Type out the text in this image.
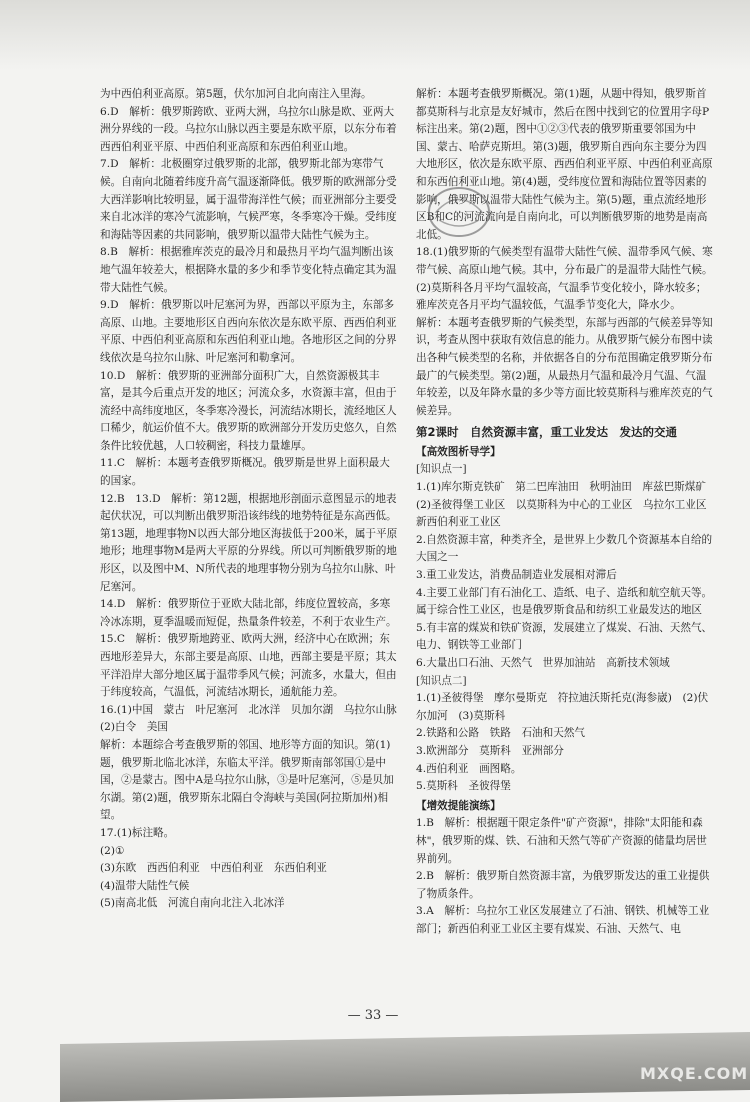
为中西伯利亚高原。第5题，伏尔加河自北向南注入里海。

6.D　解析：俄罗斯跨欧、亚两大洲，乌拉尔山脉是欧、亚两大洲分界线的一段。乌拉尔山脉以西主要是东欧平原，以东分布着西西伯利亚平原、中西伯利亚高原和东西伯利亚山地。

7.D　解析：北极圈穿过俄罗斯的北部，俄罗斯北部为寒带气候。自南向北随着纬度升高气温逐渐降低。俄罗斯的欧洲部分受大西洋影响比较明显，属于温带海洋性气候；而亚洲部分主要受来自北冰洋的寒冷气流影响，气候严寒，冬季寒冷干燥。受纬度和海陆等因素的共同影响，俄罗斯以温带大陆性气候为主。

8.B　解析：根据雅库茨克的最冷月和最热月平均气温判断出该地气温年较差大，根据降水量的多少和季节变化特点确定其为温带大陆性气候。

9.D　解析：俄罗斯以叶尼塞河为界，西部以平原为主，东部多高原、山地。主要地形区自西向东依次是东欧平原、西西伯利亚平原、中西伯利亚高原和东西伯利亚山地。各地形区之间的分界线依次是乌拉尔山脉、叶尼塞河和勒拿河。

10.D　解析：俄罗斯的亚洲部分面积广大，自然资源极其丰富，是其今后重点开发的地区；河流众多，水资源丰富，但由于流经中高纬度地区，冬季寒冷漫长，河流结冰期长，流经地区人口稀少，航运价值不大。俄罗斯的欧洲部分开发历史悠久，自然条件比较优越，人口较稠密，科技力量雄厚。

11.C　解析：本题考查俄罗斯概况。俄罗斯是世界上面积最大的国家。

12.B　13.D　解析：第12题，根据地形剖面示意图显示的地表起伏状况，可以判断出俄罗斯沿该纬线的地势特征是东高西低。第13题，地理事物N以西大部分地区海拔低于200米，属于平原地形；地理事物M是两大平原的分界线。所以可判断俄罗斯的地形区，以及图中M、N所代表的地理事物分别为乌拉尔山脉、叶尼塞河。

14.D　解析：俄罗斯位于亚欧大陆北部，纬度位置较高，多寒冷冰冻期，夏季温暖而短促，热量条件较差，不利于农业生产。

15.C　解析：俄罗斯地跨亚、欧两大洲，经济中心在欧洲；东西地形差异大，东部主要是高原、山地，西部主要是平原；其太平洋沿岸大部分地区属于温带季风气候；河流多，水量大，但由于纬度较高，气温低，河流结冰期长，通航能力差。

16.(1)中国　蒙古　叶尼塞河　北冰洋　贝加尔湖　乌拉尔山脉

(2)白令　美国

解析：本题综合考查俄罗斯的邻国、地形等方面的知识。第(1)题，俄罗斯北临北冰洋，东临太平洋。俄罗斯南部邻国①是中国，②是蒙古。图中A是乌拉尔山脉，③是叶尼塞河，⑤是贝加尔湖。第(2)题，俄罗斯东北隔白令海峡与美国(阿拉斯加州)相望。

17.(1)标注略。

(2)①

(3)东欧　西西伯利亚　中西伯利亚　东西伯利亚

(4)温带大陆性气候

(5)南高北低　河流自南向北注入北冰洋

解析：本题考查俄罗斯概况。第(1)题，从题中得知，俄罗斯首都莫斯科与北京是友好城市，然后在图中找到它的位置用字母P标注出来。第(2)题，图中①②③代表的俄罗斯重要邻国为中国、蒙古、哈萨克斯坦。第(3)题，俄罗斯自西向东主要分为四大地形区，依次是东欧平原、西西伯利亚平原、中西伯利亚高原和东西伯利亚山地。第(4)题，受纬度位置和海陆位置等因素的影响，俄罗斯以温带大陆性气候为主。第(5)题，重点流经地形区B和C的河流流向是自南向北，可以判断俄罗斯的地势是南高北低。

18.(1)俄罗斯的气候类型有温带大陆性气候、温带季风气候、寒带气候、高原山地气候。其中，分布最广的是温带大陆性气候。

(2)莫斯科各月平均气温较高，气温季节变化较小，降水较多；雅库茨克各月平均气温较低，气温季节变化大，降水少。

解析：本题考查俄罗斯的气候类型，东部与西部的气候差异等知识，考查从图中获取有效信息的能力。从俄罗斯气候分布图中读出各种气候类型的名称，并依据各自的分布范围确定俄罗斯分布最广的气候类型。第(2)题，从最热月气温和最冷月气温、气温年较差，以及年降水量的多少等方面比较莫斯科与雅库茨克的气候差异。

第2课时　自然资源丰富，重工业发达　发达的交通
【高效图析导学】
[知识点一]

1.(1)库尔斯克铁矿　第二巴库油田　秋明油田　库兹巴斯煤矿　(2)圣彼得堡工业区　以莫斯科为中心的工业区　乌拉尔工业区　新西伯利亚工业区

2.自然资源丰富，种类齐全，是世界上少数几个资源基本自给的大国之一

3.重工业发达，消费品制造业发展相对滞后

4.主要工业部门有石油化工、造纸、电子、造纸和航空航天等。属于综合性工业区，也是俄罗斯食品和纺织工业最发达的地区

5.有丰富的煤炭和铁矿资源，发展建立了煤炭、石油、天然气、电力、钢铁等工业部门

6.大量出口石油、天然气　世界加油站　高新技术领域

[知识点二]

1.(1)圣彼得堡　摩尔曼斯克　符拉迪沃斯托克(海参崴)　(2)伏尔加河　(3)莫斯科

2.铁路和公路　铁路　石油和天然气

3.欧洲部分　莫斯科　亚洲部分

4.西伯利亚　画图略。

5.莫斯科　圣彼得堡

【增效提能演练】

1.B　解析：根据题干限定条件"矿产资源"，排除"太阳能和森林"，俄罗斯的煤、铁、石油和天然气等矿产资源的储量均居世界前列。

2.B　解析：俄罗斯自然资源丰富，为俄罗斯发达的重工业提供了物质条件。

3.A　解析：乌拉尔工业区发展建立了石油、钢铁、机械等工业部门；新西伯利亚工业区主要有煤炭、石油、天然气、电

— 33 —
MXQE.COM
